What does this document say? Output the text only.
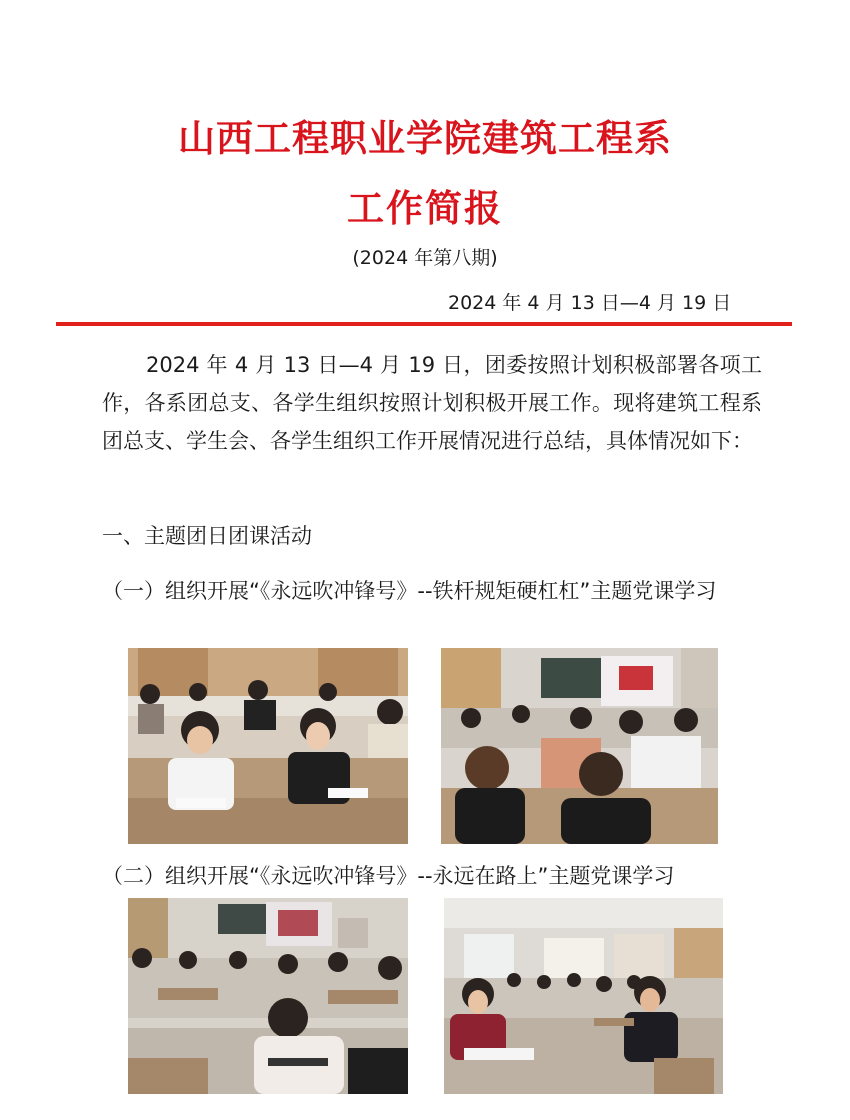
山西工程职业学院建筑工程系
工作简报
(2024 年第八期)
2024 年 4 月 13 日—4 月 19 日

2024 年 4 月 13 日—4 月 19 日，团委按照计划积极部署各项工作，各系团总支、各学生组织按照计划积极开展工作。现将建筑工程系团总支、学生会、各学生组织工作开展情况进行总结，具体情况如下：

一、主题团日团课活动

（一）组织开展“《永远吹冲锋号》--铁杆规矩硬杠杠”主题党课学习

（二）组织开展“《永远吹冲锋号》--永远在路上”主题党课学习
